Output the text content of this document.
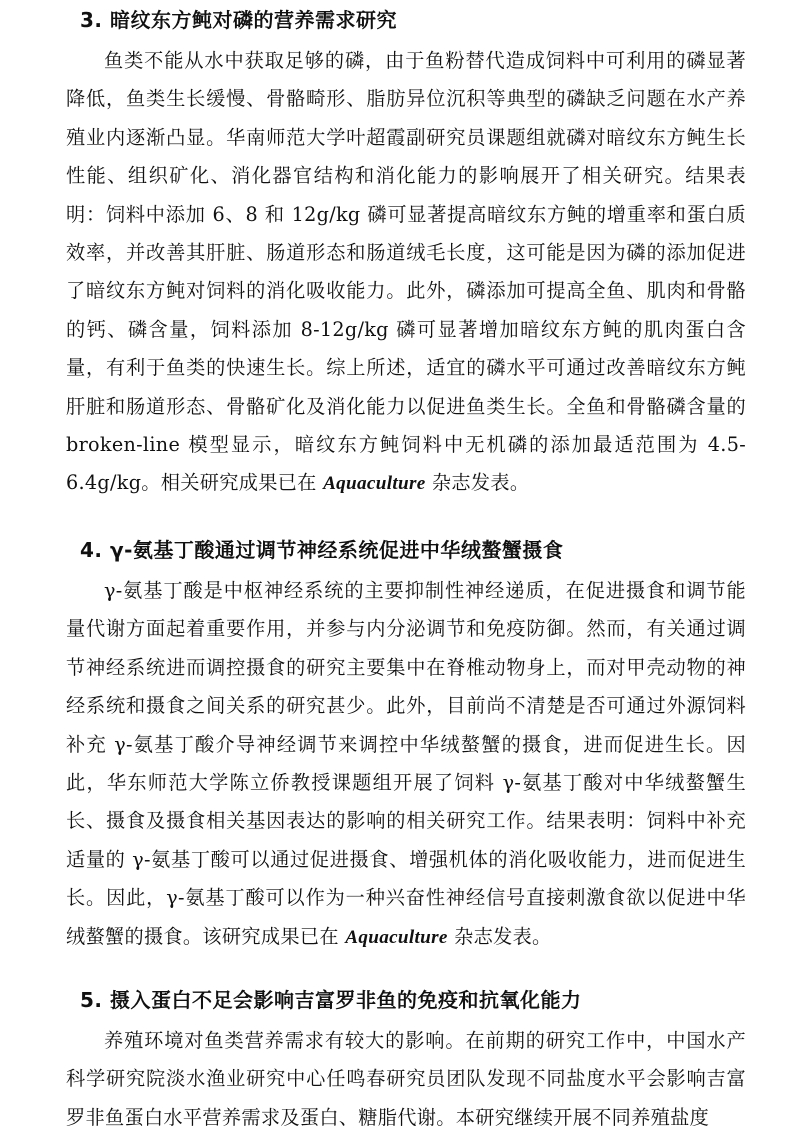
3. 暗纹东方鲀对磷的营养需求研究

鱼类不能从水中获取足够的磷，由于鱼粉替代造成饲料中可利用的磷显著降低，鱼类生长缓慢、骨骼畸形、脂肪异位沉积等典型的磷缺乏问题在水产养殖业内逐渐凸显。华南师范大学叶超霞副研究员课题组就磷对暗纹东方鲀生长性能、组织矿化、消化器官结构和消化能力的影响展开了相关研究。结果表明：饲料中添加 6、8 和 12g/kg 磷可显著提高暗纹东方鲀的增重率和蛋白质效率，并改善其肝脏、肠道形态和肠道绒毛长度，这可能是因为磷的添加促进了暗纹东方鲀对饲料的消化吸收能力。此外，磷添加可提高全鱼、肌肉和骨骼的钙、磷含量，饲料添加 8-12g/kg 磷可显著增加暗纹东方鲀的肌肉蛋白含量，有利于鱼类的快速生长。综上所述，适宜的磷水平可通过改善暗纹东方鲀肝脏和肠道形态、骨骼矿化及消化能力以促进鱼类生长。全鱼和骨骼磷含量的 broken-line 模型显示，暗纹东方鲀饲料中无机磷的添加最适范围为 4.5-6.4g/kg。相关研究成果已在 Aquaculture 杂志发表。

4. γ-氨基丁酸通过调节神经系统促进中华绒螯蟹摄食

γ-氨基丁酸是中枢神经系统的主要抑制性神经递质，在促进摄食和调节能量代谢方面起着重要作用，并参与内分泌调节和免疫防御。然而，有关通过调节神经系统进而调控摄食的研究主要集中在脊椎动物身上，而对甲壳动物的神经系统和摄食之间关系的研究甚少。此外，目前尚不清楚是否可通过外源饲料补充 γ-氨基丁酸介导神经调节来调控中华绒螯蟹的摄食，进而促进生长。因此，华东师范大学陈立侨教授课题组开展了饲料 γ-氨基丁酸对中华绒螯蟹生长、摄食及摄食相关基因表达的影响的相关研究工作。结果表明：饲料中补充适量的 γ-氨基丁酸可以通过促进摄食、增强机体的消化吸收能力，进而促进生长。因此，γ-氨基丁酸可以作为一种兴奋性神经信号直接刺激食欲以促进中华绒螯蟹的摄食。该研究成果已在 Aquaculture 杂志发表。

5. 摄入蛋白不足会影响吉富罗非鱼的免疫和抗氧化能力

养殖环境对鱼类营养需求有较大的影响。在前期的研究工作中，中国水产科学研究院淡水渔业研究中心任鸣春研究员团队发现不同盐度水平会影响吉富罗非鱼蛋白水平营养需求及蛋白、糖脂代谢。本研究继续开展不同养殖盐度
